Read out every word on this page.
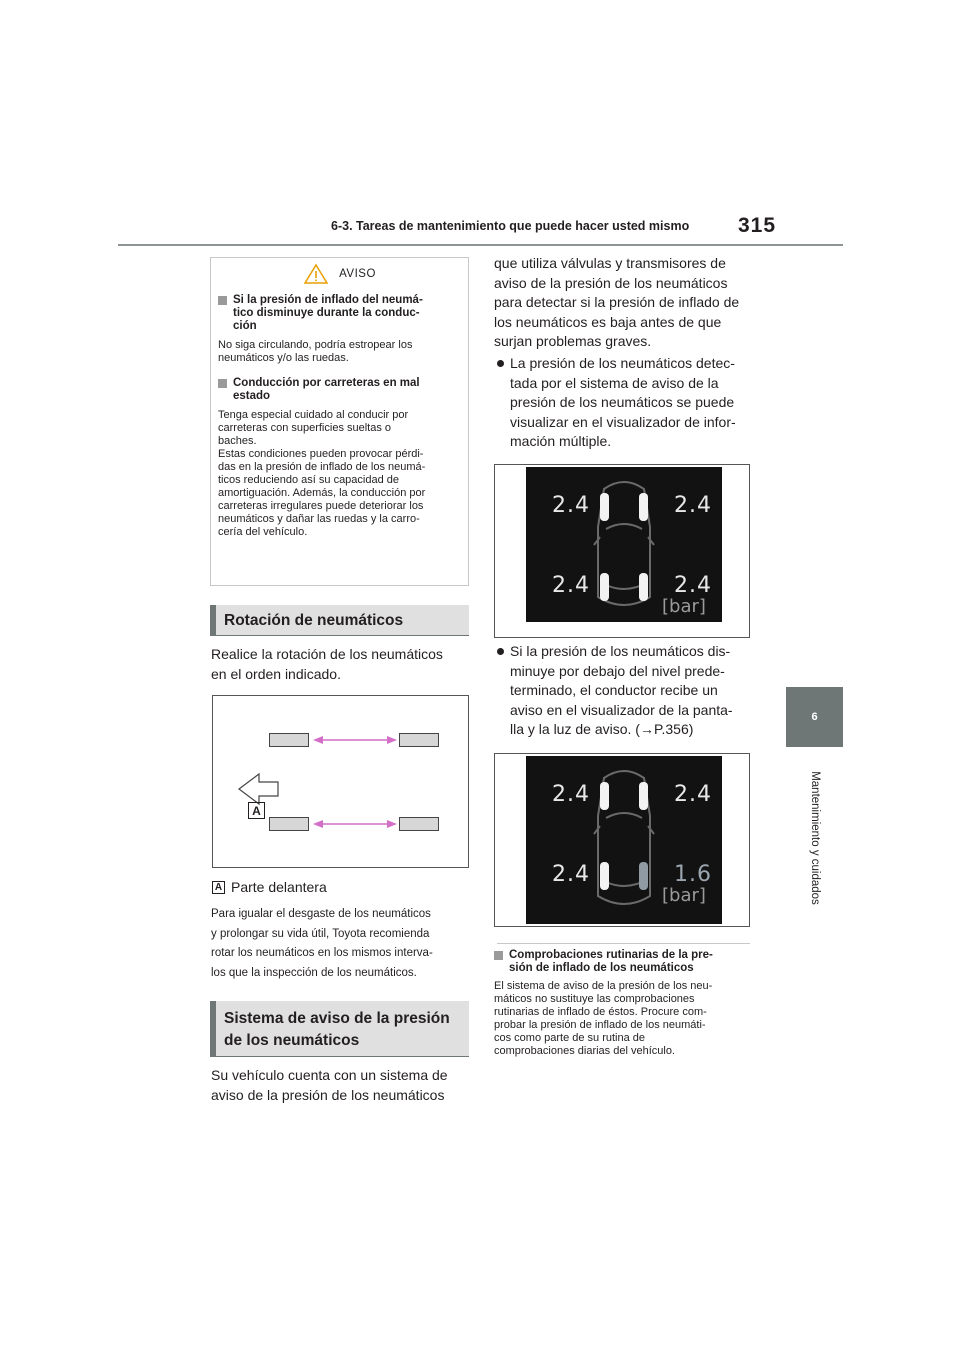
6-3. Tareas de mantenimiento que puede hacer usted mismo 315
6
Mantenimiento y cuidados
AVISO
Si la presión de inflado del neumá-
tico disminuye durante la conduc-
ción
No siga circulando, podría estropear los
neumáticos y/o las ruedas.
Conducción por carreteras en mal
estado
Tenga especial cuidado al conducir por
carreteras con superficies sueltas o
baches.
Estas condiciones pueden provocar pérdi-
das en la presión de inflado de los neumá-
ticos reduciendo así su capacidad de
amortiguación. Además, la conducción por
carreteras irregulares puede deteriorar los
neumáticos y dañar las ruedas y la carro-
cería del vehículo.
Rotación de neumáticos
Realice la rotación de los neumáticos
en el orden indicado.
A
A Parte delantera
Para igualar el desgaste de los neumáticos
y prolongar su vida útil, Toyota recomienda
rotar los neumáticos en los mismos interva-
los que la inspección de los neumáticos.
Sistema de aviso de la presión
de los neumáticos
Su vehículo cuenta con un sistema de
aviso de la presión de los neumáticos
que utiliza válvulas y transmisores de
aviso de la presión de los neumáticos
para detectar si la presión de inflado de
los neumáticos es baja antes de que
surjan problemas graves.
La presión de los neumáticos detec-
tada por el sistema de aviso de la
presión de los neumáticos se puede
visualizar en el visualizador de infor-
mación múltiple.
2.4	2.4
2.4	2.4
[bar]
Si la presión de los neumáticos dis-
minuye por debajo del nivel prede-
terminado, el conductor recibe un
aviso en el visualizador de la panta-
lla y la luz de aviso. (→P.356)
2.4	2.4
2.4	1.6
[bar]
Comprobaciones rutinarias de la pre-
sión de inflado de los neumáticos
El sistema de aviso de la presión de los neu-
máticos no sustituye las comprobaciones
rutinarias de inflado de éstos. Procure com-
probar la presión de inflado de los neumáti-
cos como parte de su rutina de
comprobaciones diarias del vehículo.
